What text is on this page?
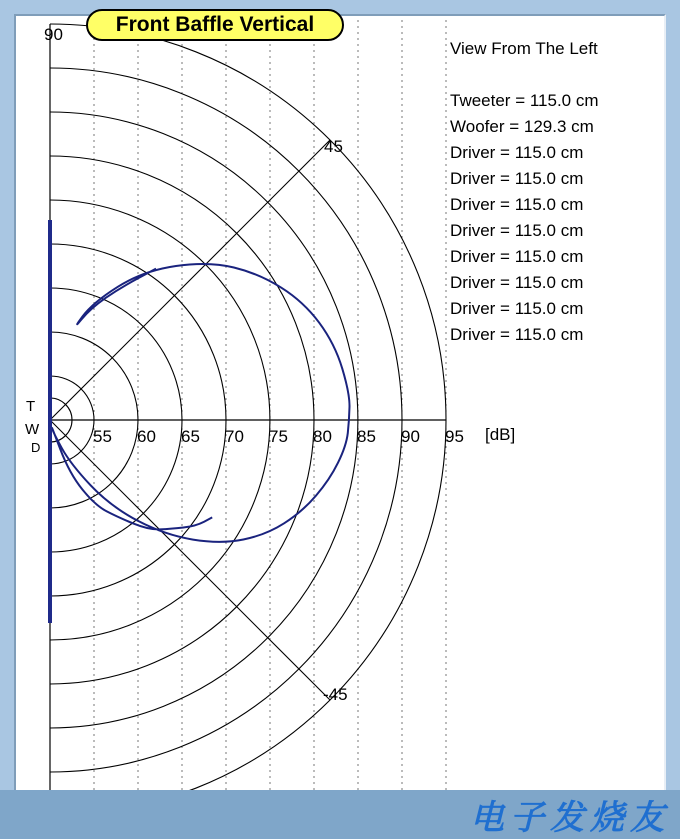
55 60 65 70 75 80 85 90 95
90
45
-45
[dB]
T
W
D
View From The Left
Tweeter = 115.0 cm
Woofer = 129.3 cm
Driver = 115.0 cm
Driver = 115.0 cm
Driver = 115.0 cm
Driver = 115.0 cm
Driver = 115.0 cm
Driver = 115.0 cm
Driver = 115.0 cm
Driver = 115.0 cm
Front Baffle Vertical
电子发烧友
